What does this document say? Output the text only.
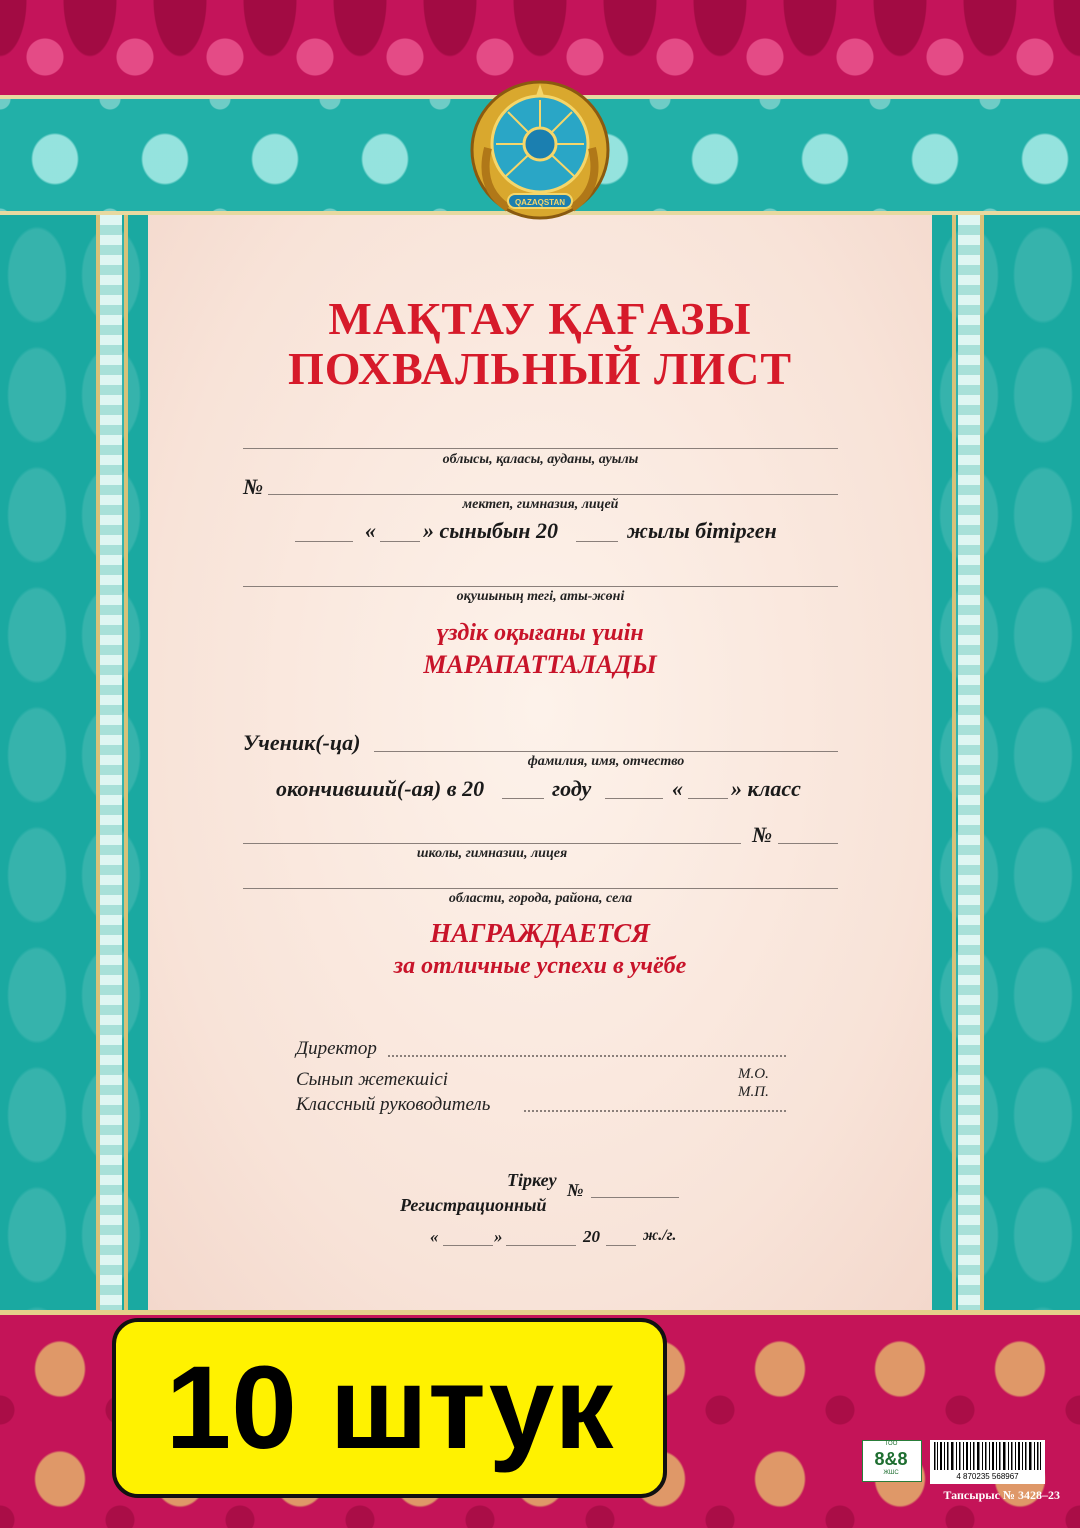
QAZAQSTAN
МАҚТАУ ҚАҒАЗЫ
ПОХВАЛЬНЫЙ ЛИСТ
облысы, қаласы, ауданы, ауылы
№
мектеп, гимназия, лицей
« » сыныбын 20	жылы бітірген
оқушының тегі, аты-жөні
үздік оқығаны үшін
МАРАПАТТАЛАДЫ
Ученик(-ца)
фамилия, имя, отчество
окончивший(-ая) в 20	году	« » класс
№
школы, гимназии, лицея
области, города, района, села
НАГРАЖДАЕТСЯ
за отличные успехи в учёбе
Директор
Сынып жетекшісі
Классный руководитель
М.О.
М.П.
Тіркеу
Регистрационный
№
«	»	20	ж./г.
10 штук	ТОО
8&8
ЖШС	4 870235 568967
Тапсырыс № 3428–23
